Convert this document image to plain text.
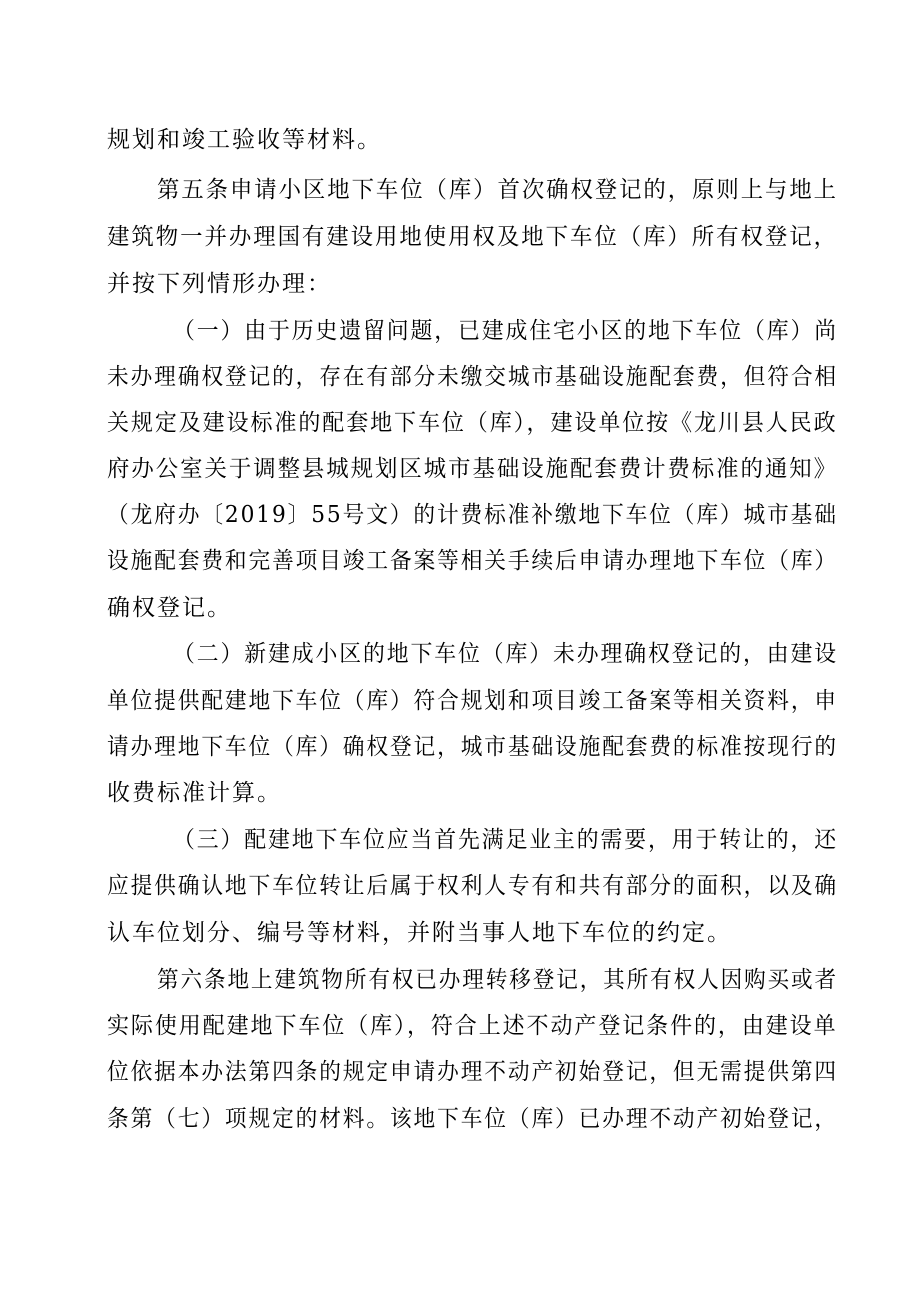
规划和竣工验收等材料。
第五条申请小区地下车位（库）首次确权登记的，原则上与地上
建筑物一并办理国有建设用地使用权及地下车位（库）所有权登记，
并按下列情形办理：
（一）由于历史遗留问题，已建成住宅小区的地下车位（库）尚
未办理确权登记的，存在有部分未缴交城市基础设施配套费，但符合相
关规定及建设标准的配套地下车位（库），建设单位按《龙川县人民政
府办公室关于调整县城规划区城市基础设施配套费计费标准的通知》
（龙府办〔2019〕55号文）的计费标准补缴地下车位（库）城市基础
设施配套费和完善项目竣工备案等相关手续后申请办理地下车位（库）
确权登记。
（二）新建成小区的地下车位（库）未办理确权登记的，由建设
单位提供配建地下车位（库）符合规划和项目竣工备案等相关资料，申
请办理地下车位（库）确权登记，城市基础设施配套费的标准按现行的
收费标准计算。
（三）配建地下车位应当首先满足业主的需要，用于转让的，还
应提供确认地下车位转让后属于权利人专有和共有部分的面积，以及确
认车位划分、编号等材料，并附当事人地下车位的约定。
第六条地上建筑物所有权已办理转移登记，其所有权人因购买或者
实际使用配建地下车位（库），符合上述不动产登记条件的，由建设单
位依据本办法第四条的规定申请办理不动产初始登记，但无需提供第四
条第（七）项规定的材料。该地下车位（库）已办理不动产初始登记，
